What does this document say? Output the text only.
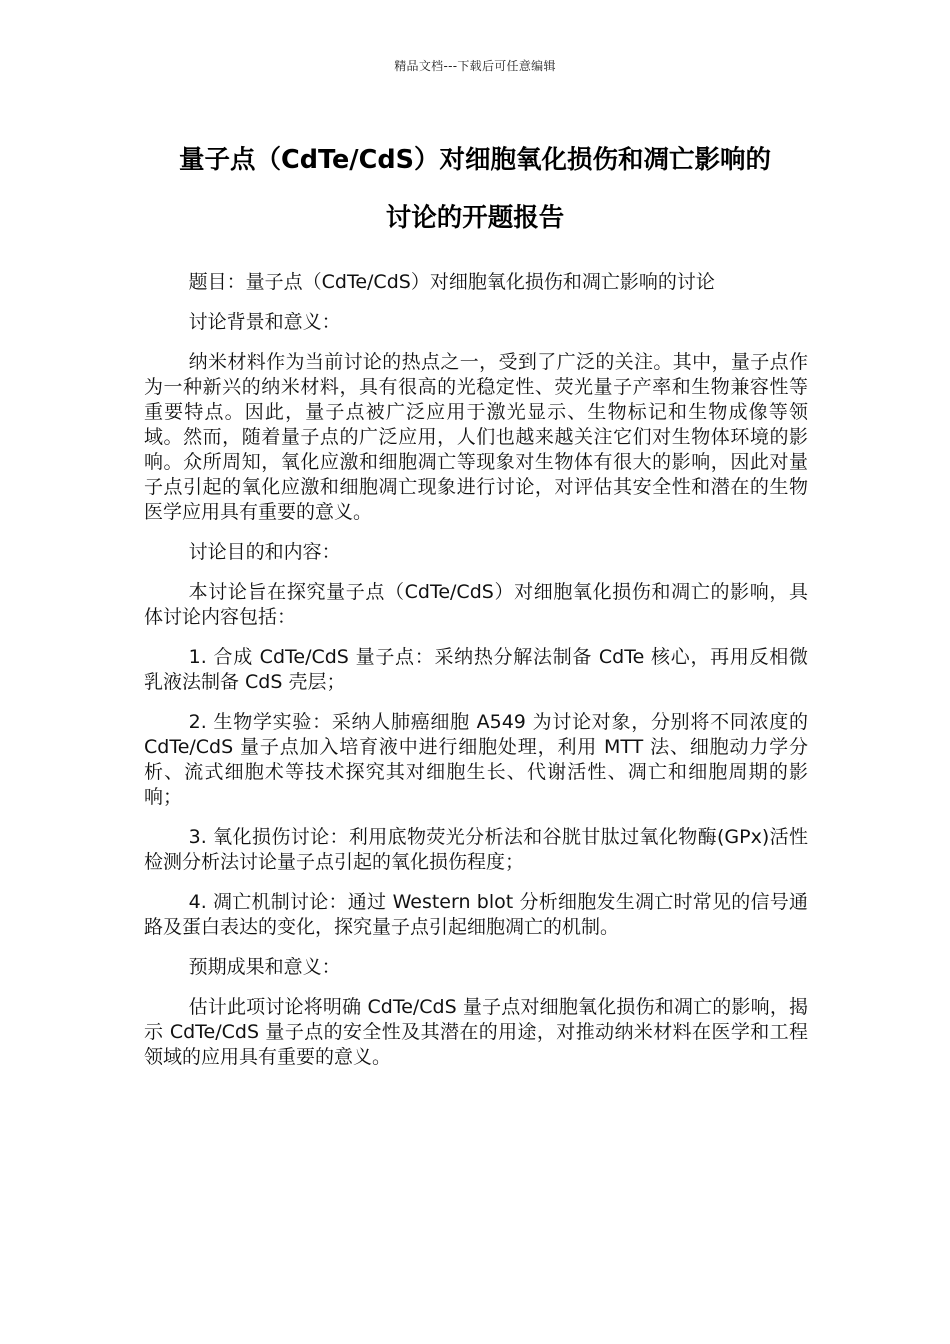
精品文档---下载后可任意编辑
量子点（CdTe/CdS）对细胞氧化损伤和凋亡影响的
讨论的开题报告

题目：量子点（CdTe/CdS）对细胞氧化损伤和凋亡影响的讨论

讨论背景和意义：

纳米材料作为当前讨论的热点之一，受到了广泛的关注。其中，量子点作为一种新兴的纳米材料，具有很高的光稳定性、荧光量子产率和生物兼容性等重要特点。因此，量子点被广泛应用于激光显示、生物标记和生物成像等领域。然而，随着量子点的广泛应用，人们也越来越关注它们对生物体环境的影响。众所周知，氧化应激和细胞凋亡等现象对生物体有很大的影响，因此对量子点引起的氧化应激和细胞凋亡现象进行讨论，对评估其安全性和潜在的生物医学应用具有重要的意义。

讨论目的和内容：

本讨论旨在探究量子点（CdTe/CdS）对细胞氧化损伤和凋亡的影响，具体讨论内容包括：

1. 合成 CdTe/CdS 量子点：采纳热分解法制备 CdTe 核心，再用反相微乳液法制备 CdS 壳层；

2. 生物学实验：采纳人肺癌细胞 A549 为讨论对象，分别将不同浓度的 CdTe/CdS 量子点加入培育液中进行细胞处理，利用 MTT 法、细胞动力学分析、流式细胞术等技术探究其对细胞生长、代谢活性、凋亡和细胞周期的影响；

3. 氧化损伤讨论：利用底物荧光分析法和谷胱甘肽过氧化物酶(GPx)活性检测分析法讨论量子点引起的氧化损伤程度；

4. 凋亡机制讨论：通过 Western blot 分析细胞发生凋亡时常见的信号通路及蛋白表达的变化，探究量子点引起细胞凋亡的机制。

预期成果和意义：

估计此项讨论将明确 CdTe/CdS 量子点对细胞氧化损伤和凋亡的影响，揭示 CdTe/CdS 量子点的安全性及其潜在的用途，对推动纳米材料在医学和工程领域的应用具有重要的意义。
